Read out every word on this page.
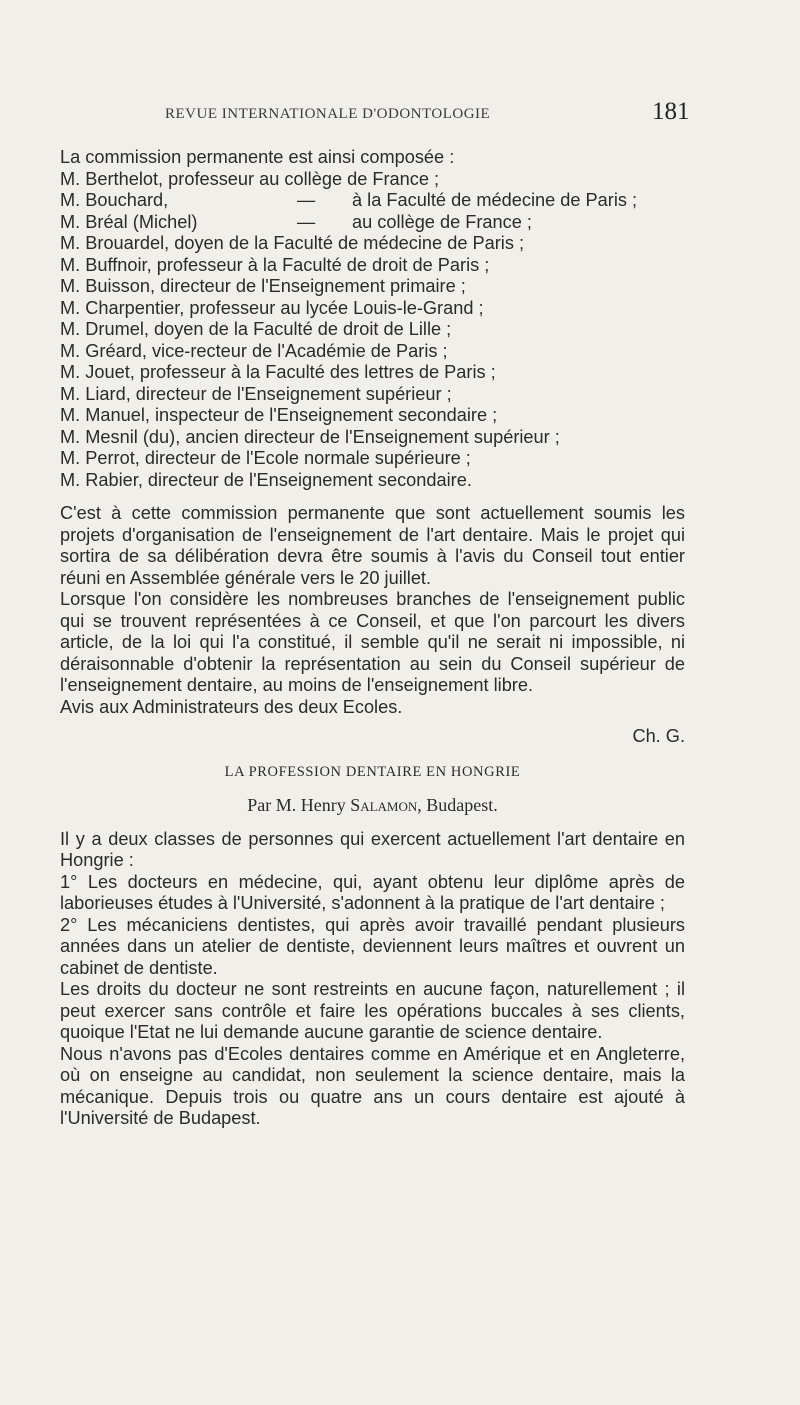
REVUE INTERNATIONALE D'ODONTOLOGIE	181
La commission permanente est ainsi composée :
M. Berthelot, professeur au collège de France ;
M. Bouchard,	— à la Faculté de médecine de Paris ;
M. Bréal (Michel)	— au collège de France ;
M. Brouardel, doyen de la Faculté de médecine de Paris ;
M. Buffnoir, professeur à la Faculté de droit de Paris ;
M. Buisson, directeur de l'Enseignement primaire ;
M. Charpentier, professeur au lycée Louis-le-Grand ;
M. Drumel, doyen de la Faculté de droit de Lille ;
M. Gréard, vice-recteur de l'Académie de Paris ;
M. Jouet, professeur à la Faculté des lettres de Paris ;
M. Liard, directeur de l'Enseignement supérieur ;
M. Manuel, inspecteur de l'Enseignement secondaire ;
M. Mesnil (du), ancien directeur de l'Enseignement supérieur ;
M. Perrot, directeur de l'Ecole normale supérieure ;
M. Rabier, directeur de l'Enseignement secondaire.

C'est à cette commission permanente que sont actuellement soumis les projets d'organisation de l'enseignement de l'art dentaire. Mais le projet qui sortira de sa délibération devra être soumis à l'avis du Conseil tout entier réuni en Assemblée générale vers le 20 juillet.

Lorsque l'on considère les nombreuses branches de l'enseignement public qui se trouvent représentées à ce Conseil, et que l'on parcourt les divers article, de la loi qui l'a constitué, il semble qu'il ne serait ni impossible, ni déraisonnable d'obtenir la représentation au sein du Conseil supérieur de l'enseignement dentaire, au moins de l'enseignement libre.

Avis aux Administrateurs des deux Ecoles.

Ch. G.
LA PROFESSION DENTAIRE EN HONGRIE
Par M. Henry Salamon, Budapest.

Il y a deux classes de personnes qui exercent actuellement l'art dentaire en Hongrie :

1° Les docteurs en médecine, qui, ayant obtenu leur diplôme après de laborieuses études à l'Université, s'adonnent à la pratique de l'art dentaire ;

2° Les mécaniciens dentistes, qui après avoir travaillé pendant plusieurs années dans un atelier de dentiste, deviennent leurs maîtres et ouvrent un cabinet de dentiste.

Les droits du docteur ne sont restreints en aucune façon, naturellement ; il peut exercer sans contrôle et faire les opérations buccales à ses clients, quoique l'Etat ne lui demande aucune garantie de science dentaire.

Nous n'avons pas d'Ecoles dentaires comme en Amérique et en Angleterre, où on enseigne au candidat, non seulement la science dentaire, mais la mécanique. Depuis trois ou quatre ans un cours dentaire est ajouté à l'Université de Budapest.
